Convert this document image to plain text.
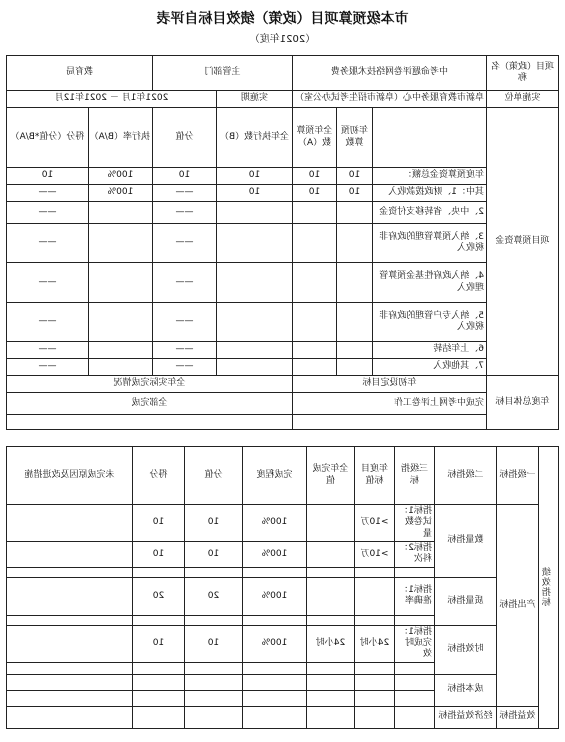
市本级预算项目（政策）绩效目标自评表
（2021年度）
项目（政策）名称	中考命题评卷网络技术服务费			主管部门		教育局	
实施单位	阜新市教育服务中心（阜新市招生考试办公室）			实施期	2021年1月 － 2021年12月		
项目预算资金		年初预算数	全年预算数（A）	全年执行数（B）	分值	执行率（B/A）	得分（分值*B/A）
	年度预算资金总额：	10	10	10	10	100%	10
	其中：1、财政拨款收入	10	10	10	——	100%	——
	2、中央、省转移支付资金				——		——
	3、纳入预算管理的政府非税收入				——		——
	4、纳入政府性基金预算管理收入				——		——
	5、纳入专户管理的政府非税收入				——		——
	6、上年结转				——		——
	7、其他收入				——		——
年度总体目标	年初设定目标			全年实际完成情况			
	完成中考网上评卷工作			全部完成			

绩效指标	一级指标	二级指标	三级指标	年度目标值	全年完成值	完成程度	分值	得分	未完成原因及改进措施
	产出指标	数量指标	指标1：试卷数量	>10万		100%	10	10	
			指标2：科次	>10万		100%	10	10	

		质量指标	指标1：准确率			100%	20	20	

		时效指标	指标1：完成时效	24小时	24小时	100%	10	10	

		成本指标							

	效益指标	经济效益指标							
